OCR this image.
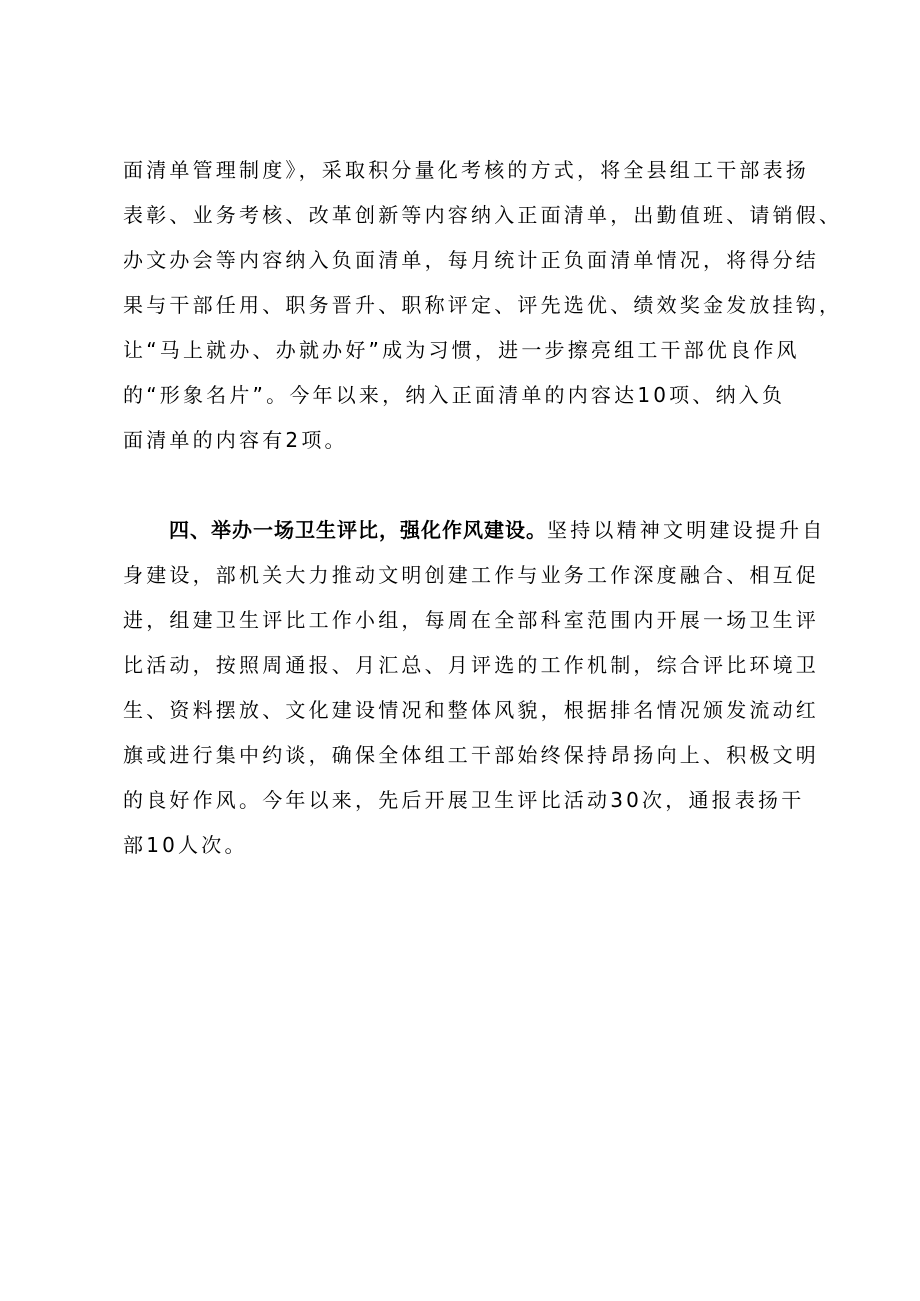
面清单管理制度》，采取积分量化考核的方式，将全县组工干部表扬
表彰、业务考核、改革创新等内容纳入正面清单，出勤值班、请销假、
办文办会等内容纳入负面清单，每月统计正负面清单情况，将得分结
果与干部任用、职务晋升、职称评定、评先选优、绩效奖金发放挂钩，
让“马上就办、办就办好”成为习惯，进一步擦亮组工干部优良作风
的“形象名片”。今年以来，纳入正面清单的内容达10项、纳入负
面清单的内容有2项。
四、举办一场卫生评比，强化作风建设。坚持以精神文明建设提升自
身建设，部机关大力推动文明创建工作与业务工作深度融合、相互促
进，组建卫生评比工作小组，每周在全部科室范围内开展一场卫生评
比活动，按照周通报、月汇总、月评选的工作机制，综合评比环境卫
生、资料摆放、文化建设情况和整体风貌，根据排名情况颁发流动红
旗或进行集中约谈，确保全体组工干部始终保持昂扬向上、积极文明
的良好作风。今年以来，先后开展卫生评比活动30次，通报表扬干
部10人次。
